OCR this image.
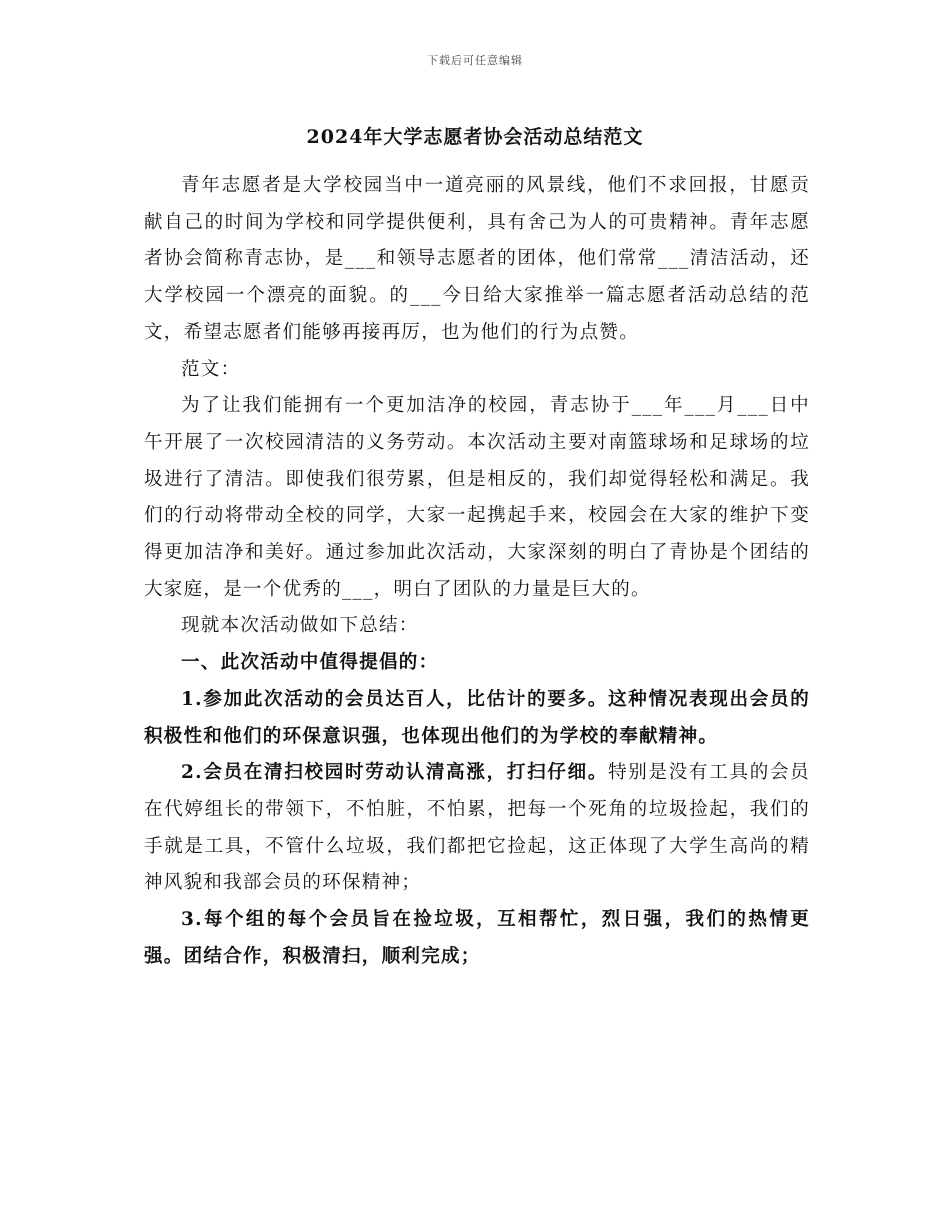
下载后可任意编辑
2024年大学志愿者协会活动总结范文

青年志愿者是大学校园当中一道亮丽的风景线，他们不求回报，甘愿贡献自己的时间为学校和同学提供便利，具有舍己为人的可贵精神。青年志愿者协会简称青志协，是___和领导志愿者的团体，他们常常___清洁活动，还大学校园一个漂亮的面貌。的___今日给大家推举一篇志愿者活动总结的范文，希望志愿者们能够再接再厉，也为他们的行为点赞。

范文：

为了让我们能拥有一个更加洁净的校园，青志协于___年___月___日中午开展了一次校园清洁的义务劳动。本次活动主要对南篮球场和足球场的垃圾进行了清洁。即使我们很劳累，但是相反的，我们却觉得轻松和满足。我们的行动将带动全校的同学，大家一起携起手来，校园会在大家的维护下变得更加洁净和美好。通过参加此次活动，大家深刻的明白了青协是个团结的大家庭，是一个优秀的___，明白了团队的力量是巨大的。

现就本次活动做如下总结：

一、此次活动中值得提倡的：

1.参加此次活动的会员达百人，比估计的要多。这种情况表现出会员的积极性和他们的环保意识强，也体现出他们的为学校的奉献精神。

2.会员在清扫校园时劳动认清高涨，打扫仔细。特别是没有工具的会员在代婷组长的带领下，不怕脏，不怕累，把每一个死角的垃圾捡起，我们的手就是工具，不管什么垃圾，我们都把它捡起，这正体现了大学生高尚的精神风貌和我部会员的环保精神；

3.每个组的每个会员旨在捡垃圾，互相帮忙，烈日强，我们的热情更强。团结合作，积极清扫，顺利完成；
